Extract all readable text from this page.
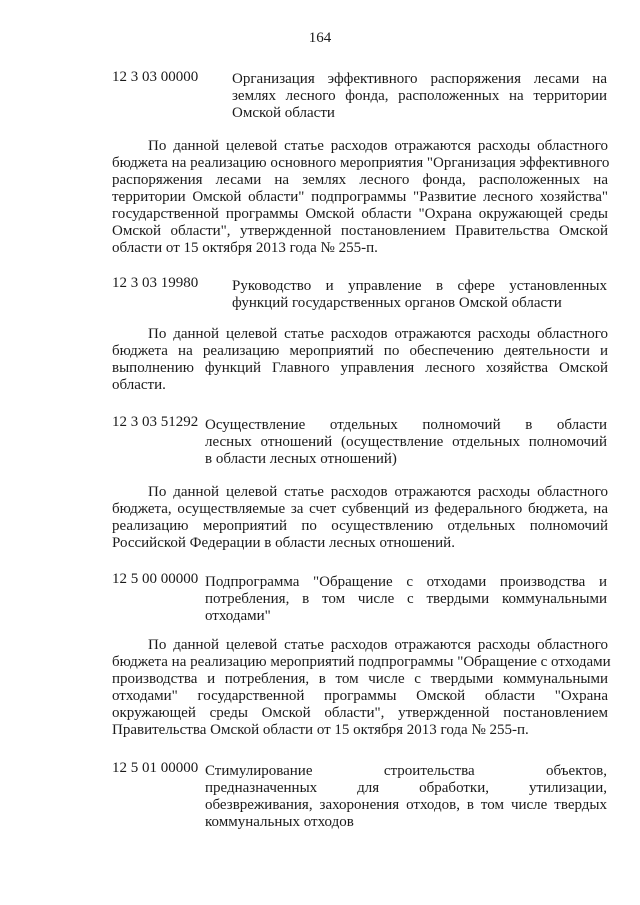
164
12 3 03 00000 Организация эффективного распоряжения лесами на
землях лесного фонда, расположенных на территории
Омской области
По данной целевой статье расходов отражаются расходы областного
бюджета на реализацию основного мероприятия "Организация эффективного
распоряжения лесами на землях лесного фонда, расположенных на
территории Омской области" подпрограммы "Развитие лесного хозяйства"
государственной программы Омской области "Охрана окружающей среды
Омской области", утвержденной постановлением Правительства Омской
области от 15 октября 2013 года № 255-п.
12 3 03 19980 Руководство и управление в сфере установленных
функций государственных органов Омской области
По данной целевой статье расходов отражаются расходы областного
бюджета на реализацию мероприятий по обеспечению деятельности и
выполнению функций Главного управления лесного хозяйства Омской
области.
12 3 03 51292 Осуществление отдельных полномочий в области
лесных отношений (осуществление отдельных полномочий
в области лесных отношений)
По данной целевой статье расходов отражаются расходы областного
бюджета, осуществляемые за счет субвенций из федерального бюджета, на
реализацию мероприятий по осуществлению отдельных полномочий
Российской Федерации в области лесных отношений.
12 5 00 00000 Подпрограмма "Обращение с отходами производства и
потребления, в том числе с твердыми коммунальными
отходами"
По данной целевой статье расходов отражаются расходы областного
бюджета на реализацию мероприятий подпрограммы "Обращение с отходами
производства и потребления, в том числе с твердыми коммунальными
отходами" государственной программы Омской области "Охрана
окружающей среды Омской области", утвержденной постановлением
Правительства Омской области от 15 октября 2013 года № 255-п.
12 5 01 00000 Стимулирование строительства объектов,
предназначенных для обработки, утилизации,
обезвреживания, захоронения отходов, в том числе твердых
коммунальных отходов
